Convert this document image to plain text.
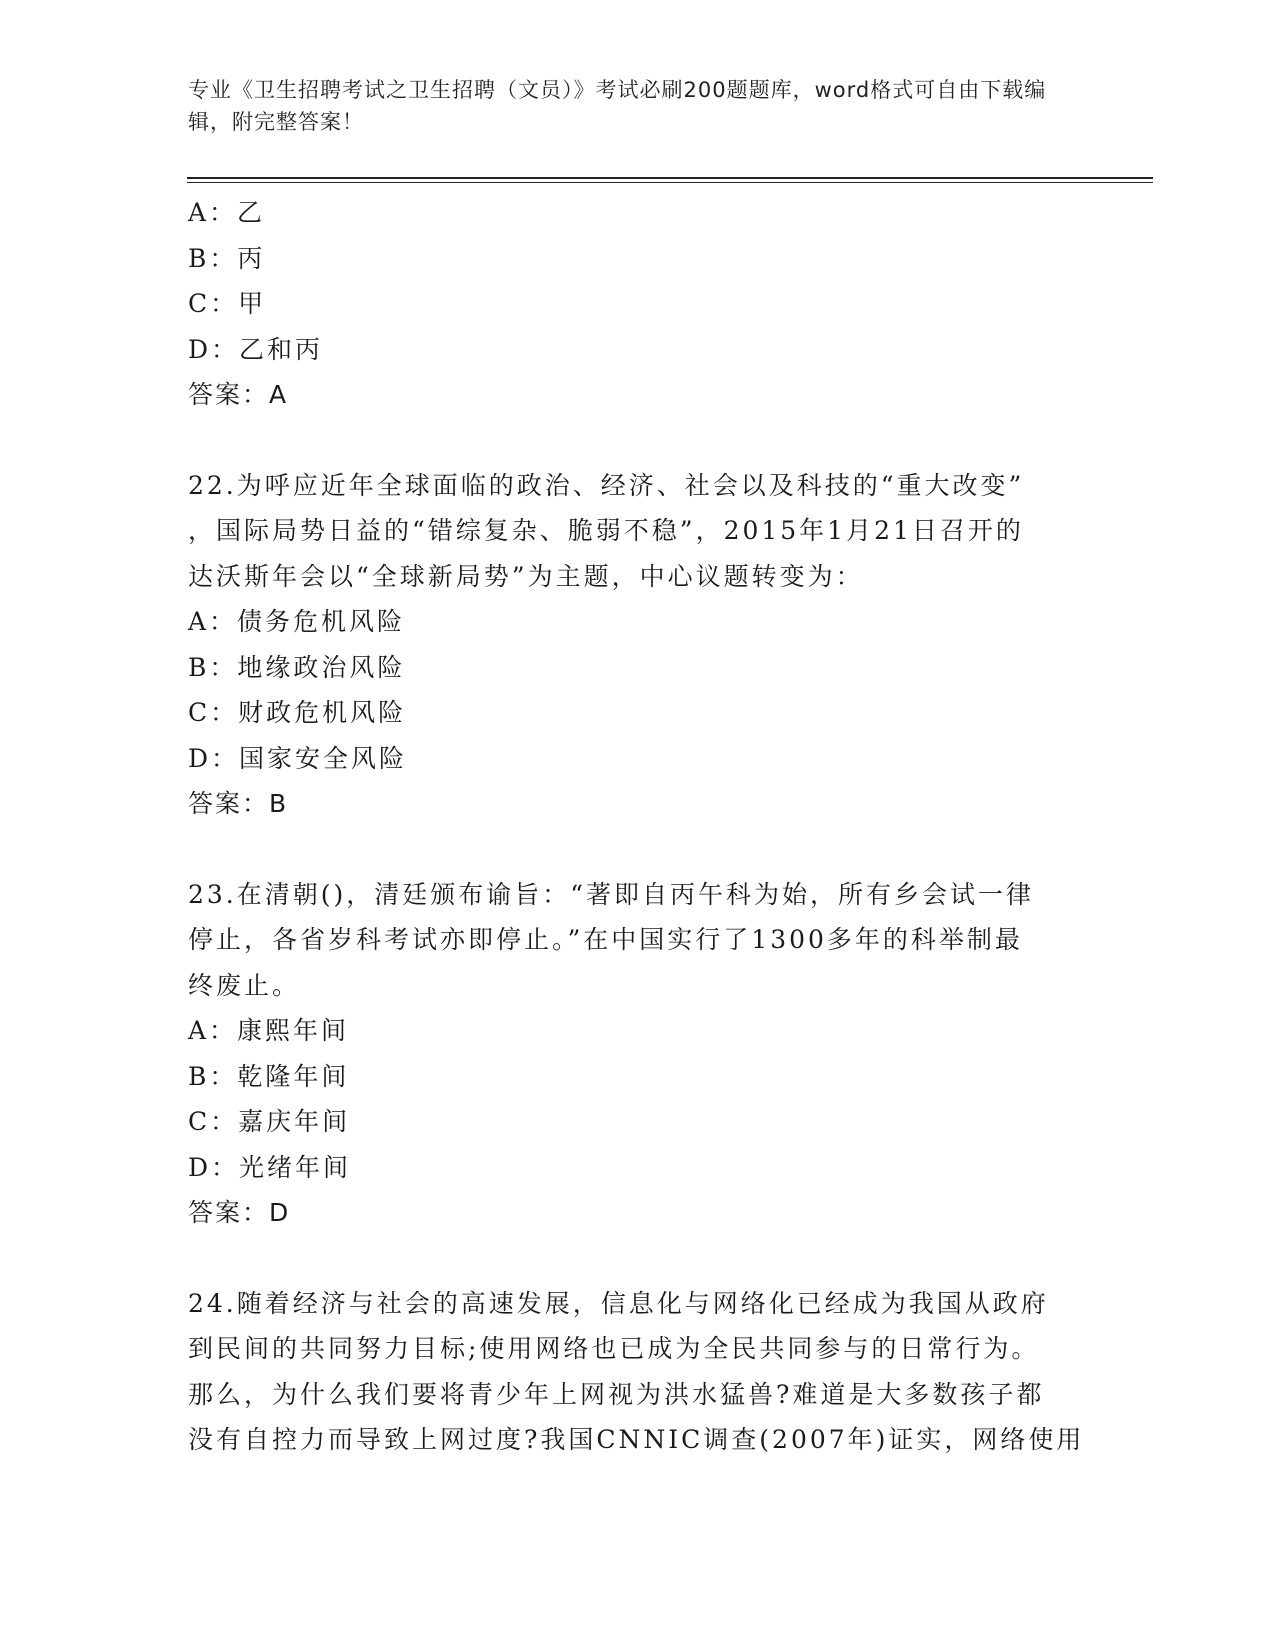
专业《卫生招聘考试之卫生招聘（文员）》考试必刷200题题库，word格式可自由下载编辑，附完整答案！
A：乙
B：丙
C：甲
D：乙和丙
答案：A
22.为呼应近年全球面临的政治、经济、社会以及科技的“重大改变”
，国际局势日益的“错综复杂、脆弱不稳”，2015年1月21日召开的
达沃斯年会以“全球新局势”为主题，中心议题转变为：
A：债务危机风险
B：地缘政治风险
C：财政危机风险
D：国家安全风险
答案：B
23.在清朝()，清廷颁布谕旨：“著即自丙午科为始，所有乡会试一律
停止，各省岁科考试亦即停止。”在中国实行了1300多年的科举制最
终废止。
A：康熙年间
B：乾隆年间
C：嘉庆年间
D：光绪年间
答案：D
24.随着经济与社会的高速发展，信息化与网络化已经成为我国从政府
到民间的共同努力目标;使用网络也已成为全民共同参与的日常行为。
那么，为什么我们要将青少年上网视为洪水猛兽?难道是大多数孩子都
没有自控力而导致上网过度?我国CNNIC调查(2007年)证实，网络使用
